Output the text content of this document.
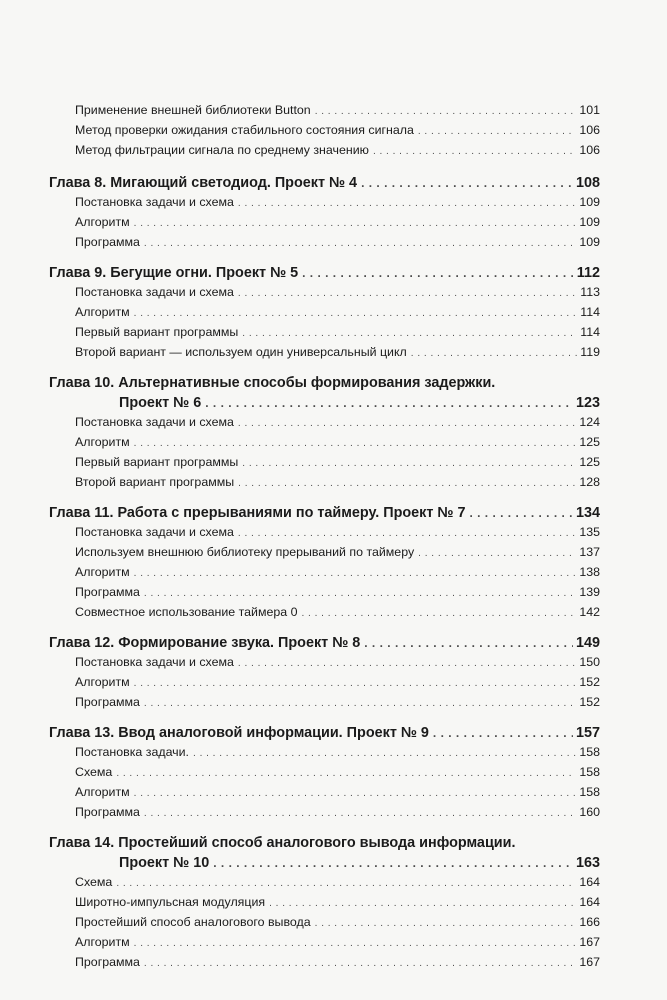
Применение внешней библиотеки Button . . .	101
Метод проверки ожидания стабильного состояния сигнала . . .	106
Метод фильтрации сигнала по среднему значению . . .	106
Глава 8. Мигающий светодиод. Проект № 4 . . .	108
Постановка задачи и схема . . .	109
Алгоритм . . .	109
Программа . . .	109
Глава 9. Бегущие огни. Проект № 5 . . .	112
Постановка задачи и схема . . .	113
Алгоритм . . .	114
Первый вариант программы . . .	114
Второй вариант — используем один универсальный цикл . . .	119
Глава 10. Альтернативные способы формирования задержки.
Проект № 6 . . .	123
Постановка задачи и схема . . .	124
Алгоритм . . .	125
Первый вариант программы . . .	125
Второй вариант программы . . .	128
Глава 11. Работа с прерываниями по таймеру. Проект № 7 . . .	134
Постановка задачи и схема . . .	135
Используем внешнюю библиотеку прерываний по таймеру . . .	137
Алгоритм . . .	138
Программа . . .	139
Совместное использование таймера 0 . . .	142
Глава 12. Формирование звука. Проект № 8 . . .	149
Постановка задачи и схема . . .	150
Алгоритм . . .	152
Программа . . .	152
Глава 13. Ввод аналоговой информации. Проект № 9 . . .	157
Постановка задачи. . . .	158
Схема . . .	158
Алгоритм . . .	158
Программа . . .	160
Глава 14. Простейший способ аналогового вывода информации.
Проект № 10 . . .	163
Схема . . .	164
Широтно-импульсная модуляция . . .	164
Простейший способ аналогового вывода . . .	166
Алгоритм . . .	167
Программа . . .	167
